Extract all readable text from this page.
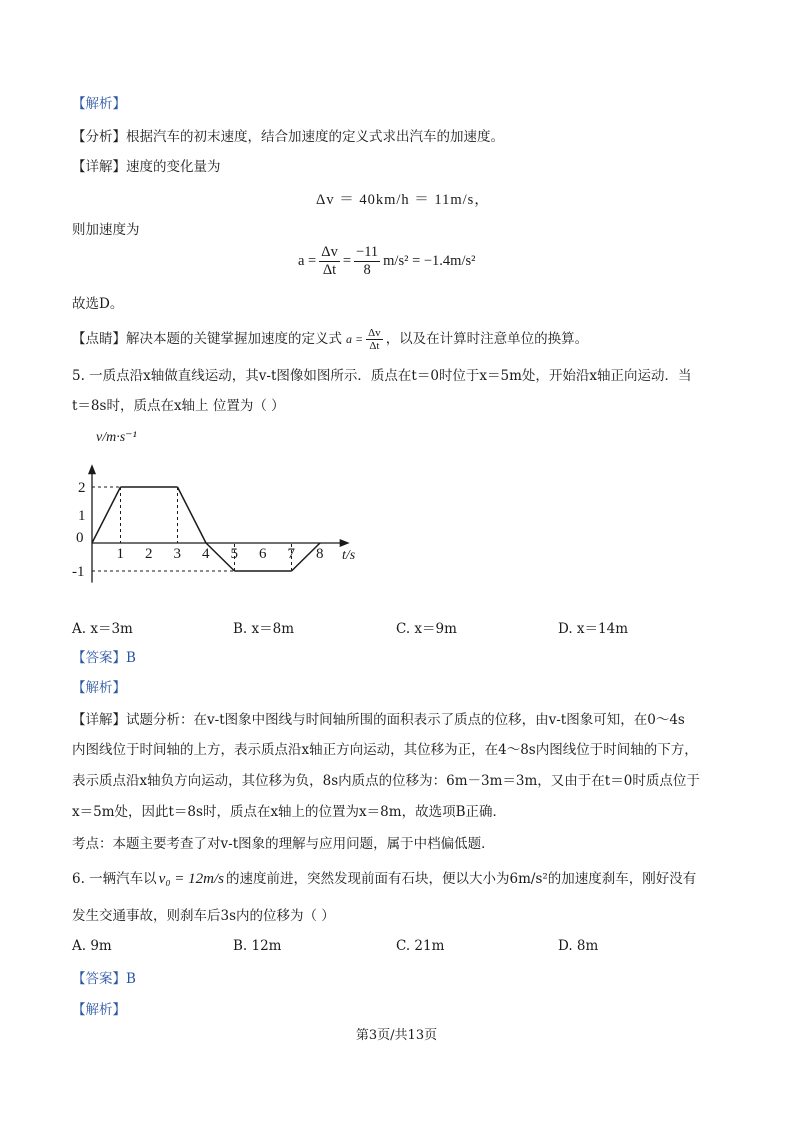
【解析】
【分析】根据汽车的初末速度，结合加速度的定义式求出汽车的加速度。
【详解】速度的变化量为
Δv ＝ 40km/h ＝ 11m/s，
则加速度为
$a = \frac{\Delta v}{\Delta t} = \frac{-11}{8} m/s^2 = -1.4m/s^2$
故选D。
【点睛】解决本题的关键掌握加速度的定义式 $a = \frac{\Delta v}{\Delta t}$ ，以及在计算时注意单位的换算。
5. 一质点沿x轴做直线运动，其v-t图像如图所示．质点在t＝0时位于x＝5m处，开始沿x轴正向运动．当
t＝8s时，质点在x轴上 位置为（ ）
1 2 3 4 5 6 7 8
2
1
0
-1
v/m·s⁻¹
t/s
A. x＝3m	B. x＝8m	C. x＝9m	D. x＝14m
【答案】B
【解析】
【详解】试题分析：在v-t图象中图线与时间轴所围的面积表示了质点的位移，由v-t图象可知，在0～4s
内图线位于时间轴的上方，表示质点沿x轴正方向运动，其位移为正，在4～8s内图线位于时间轴的下方，
表示质点沿x轴负方向运动，其位移为负，8s内质点的位移为：6m－3m＝3m，又由于在t＝0时质点位于
x＝5m处，因此t＝8s时，质点在x轴上的位置为x＝8m，故选项B正确．
考点：本题主要考查了对v-t图象的理解与应用问题，属于中档偏低题．
6. 一辆汽车以 v₀ = 12m/s 的速度前进，突然发现前面有石块，便以大小为6m/s²的加速度刹车，刚好没有
发生交通事故，则刹车后3s内的位移为（ ）
A. 9m	B. 12m	C. 21m	D. 8m
【答案】B
【解析】
第3页/共13页
